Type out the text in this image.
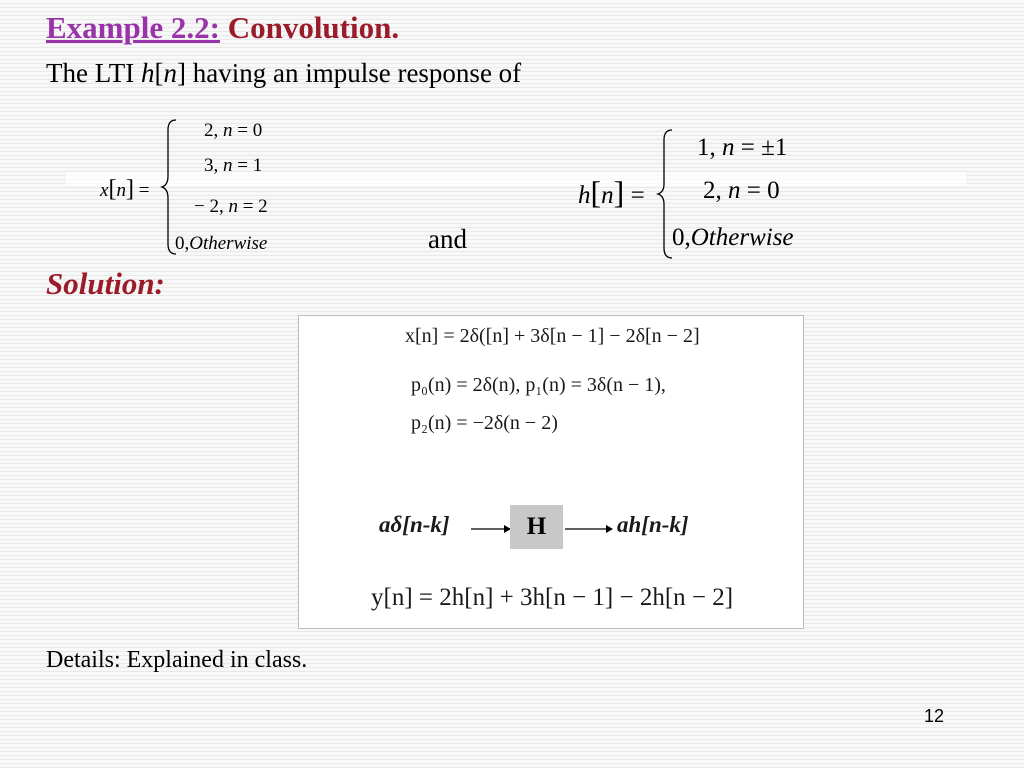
Example 2.2: Convolution.
The LTI h[n] having an impulse response of
x[n] =
2, n = 0
3, n = 1
− 2, n = 2
0,Otherwise	and
h[n] =
1, n = ±1
2, n = 0
0,Otherwise
Solution:
x[n] = 2δ([n] + 3δ[n − 1] − 2δ[n − 2]
p₀(n) = 2δ(n), p₁(n) = 3δ(n − 1),
p₂(n) = −2δ(n − 2)
aδ[n-k]	H	ah[n-k]
y[n] = 2h[n] + 3h[n − 1] − 2h[n − 2]
Details: Explained in class.
12
